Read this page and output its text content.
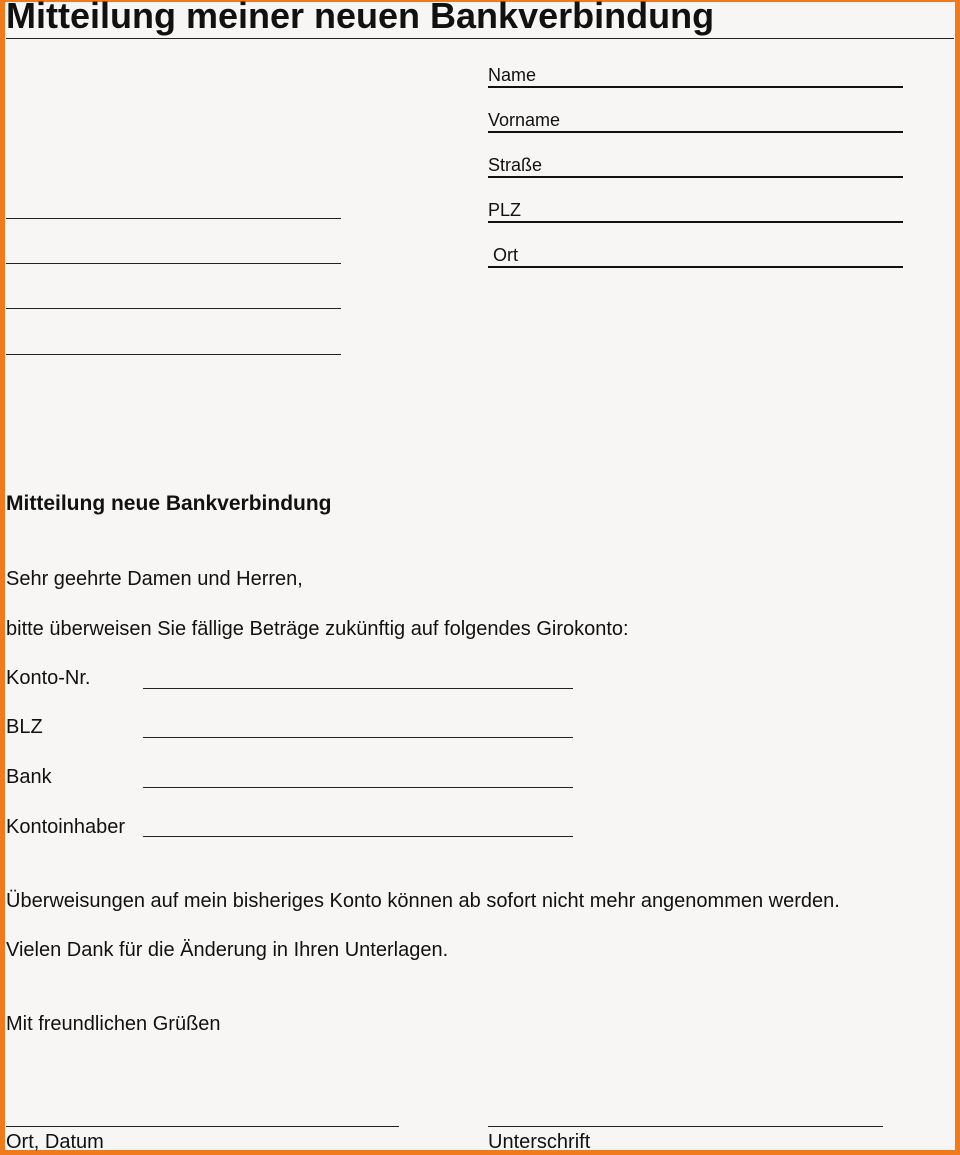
Mitteilung meiner neuen Bankverbindung
Name
Vorname
Straße
PLZ
Ort
Mitteilung neue Bankverbindung
Sehr geehrte Damen und Herren,
bitte überweisen Sie fällige Beträge zukünftig auf folgendes Girokonto:
Konto-Nr.
BLZ
Bank
Kontoinhaber
Überweisungen auf mein bisheriges Konto können ab sofort nicht mehr angenommen werden.
Vielen Dank für die Änderung in Ihren Unterlagen.
Mit freundlichen Grüßen
Ort, Datum	Unterschrift
